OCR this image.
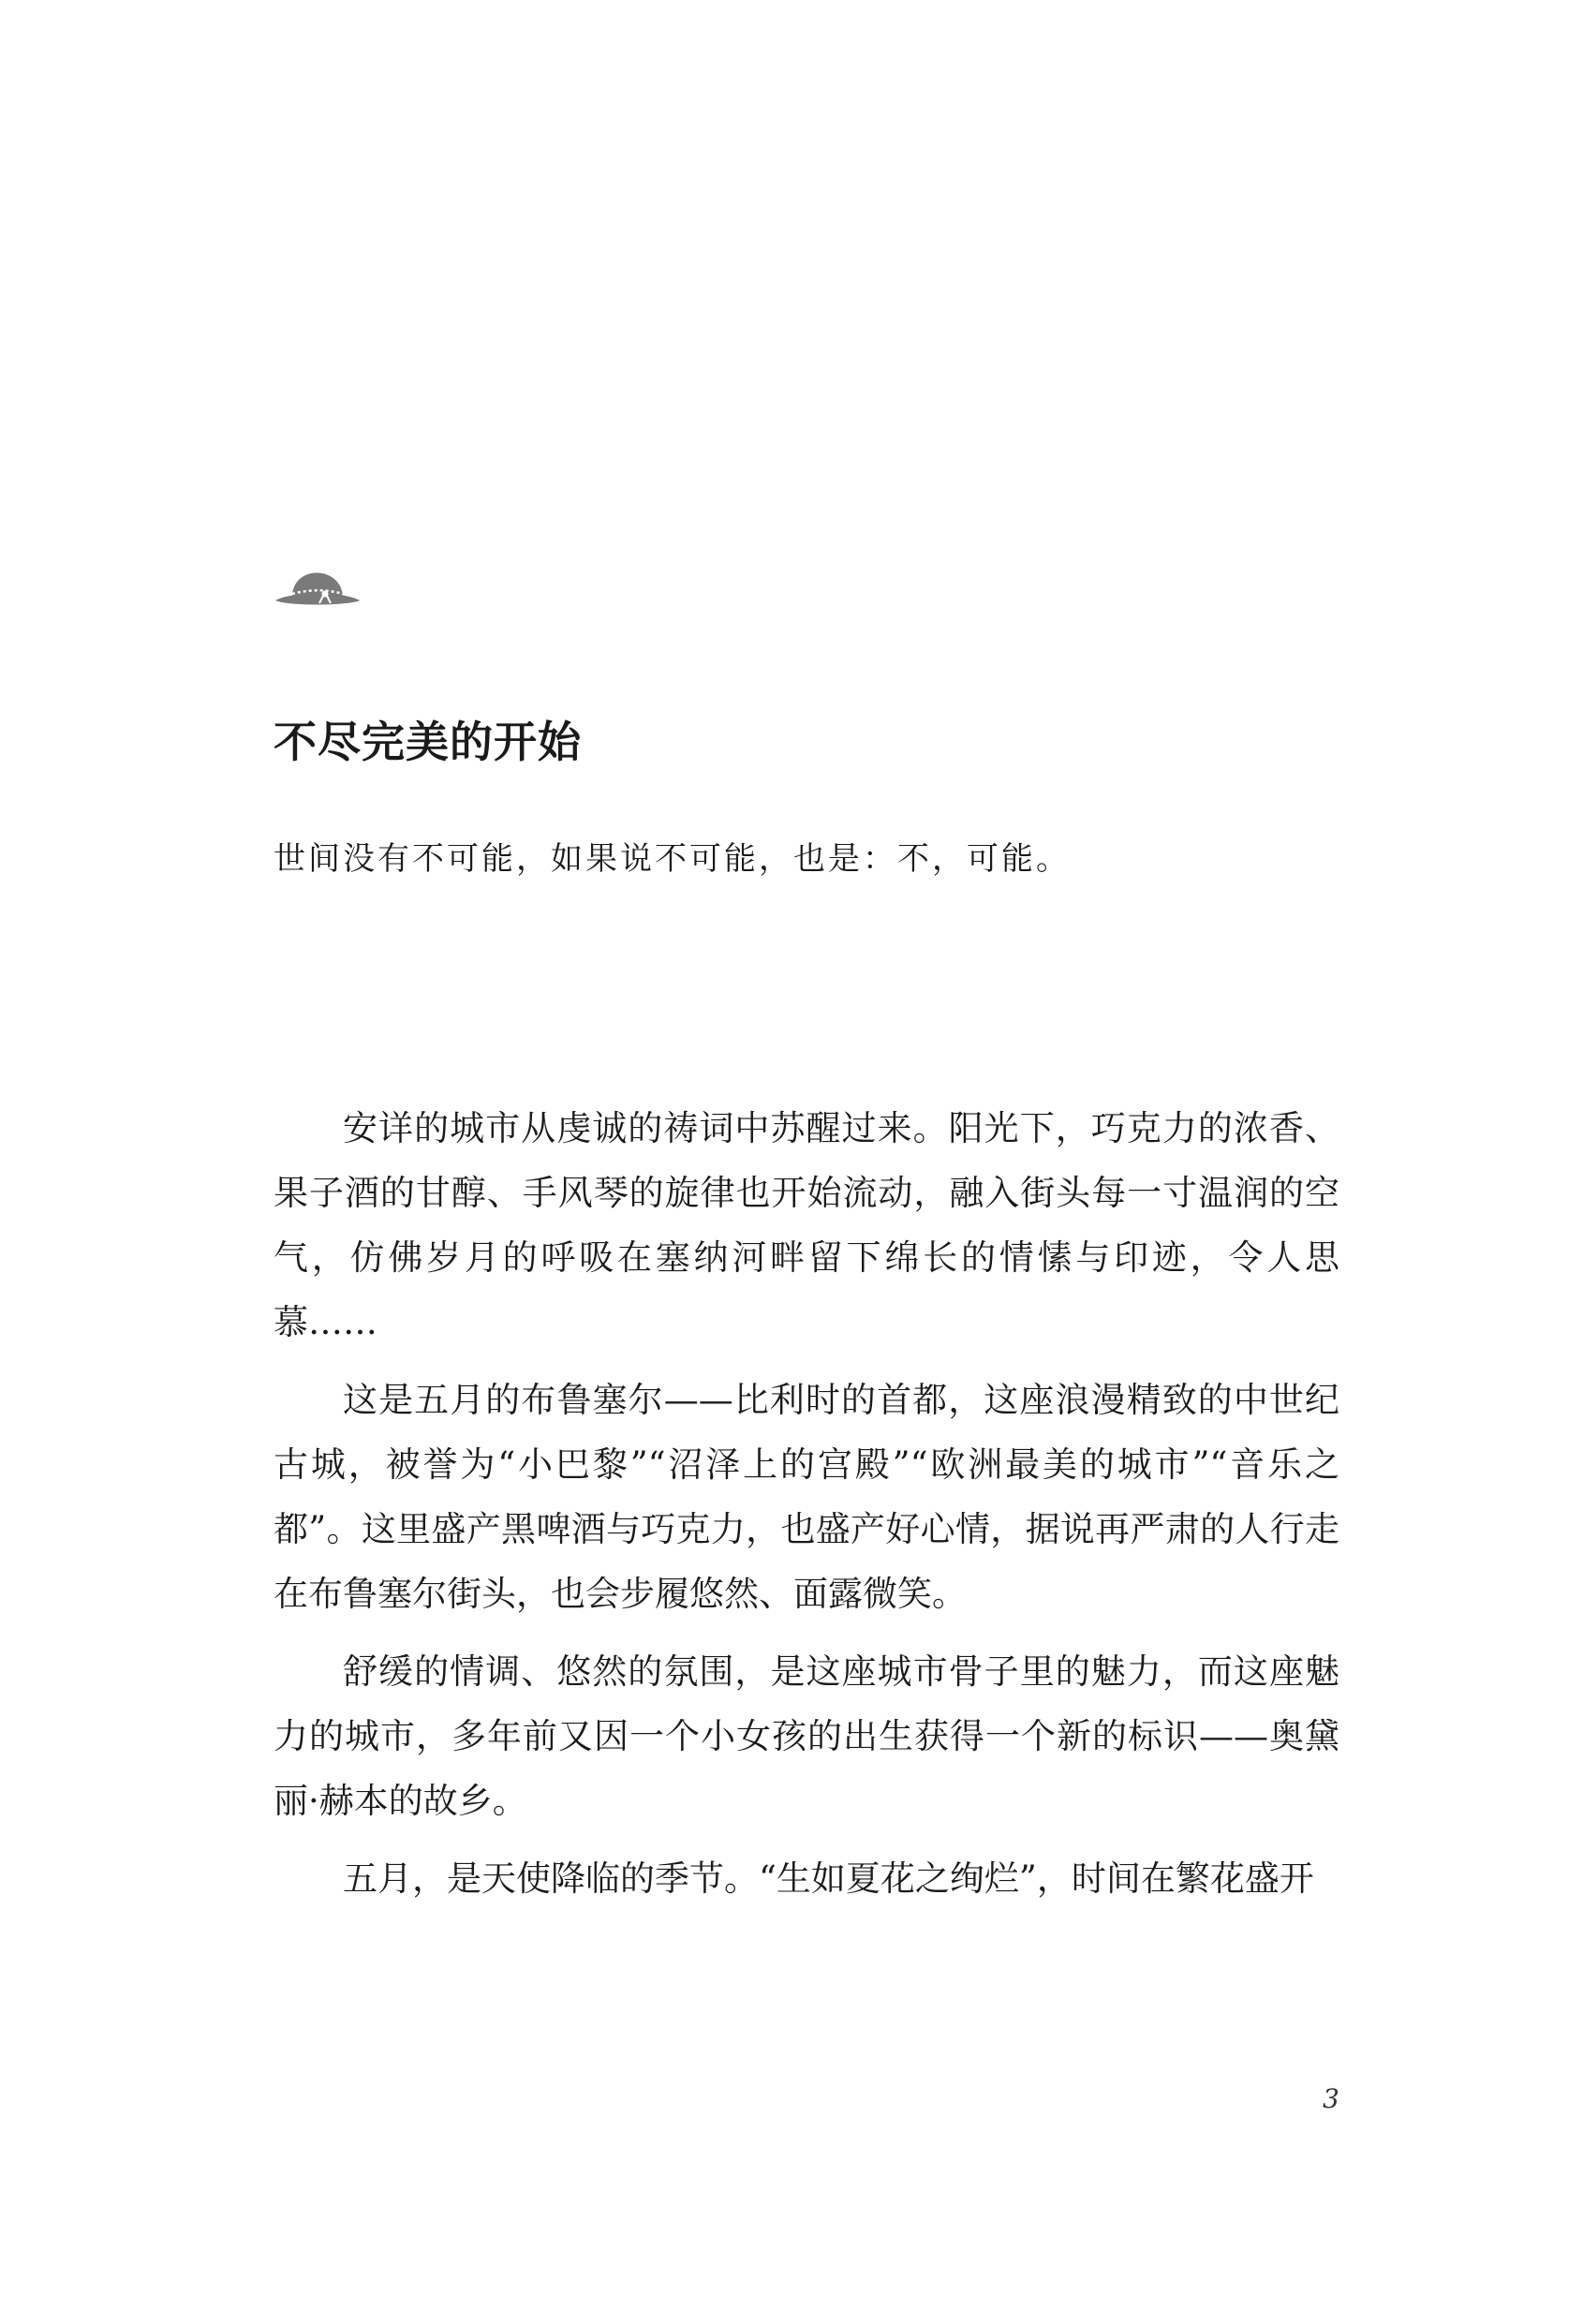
不尽完美的开始

世间没有不可能，如果说不可能，也是：不，可能。

安详的城市从虔诚的祷词中苏醒过来。阳光下，巧克力的浓香、果子酒的甘醇、手风琴的旋律也开始流动，融入街头每一寸温润的空气，仿佛岁月的呼吸在塞纳河畔留下绵长的情愫与印迹，令人思慕……

这是五月的布鲁塞尔——比利时的首都，这座浪漫精致的中世纪古城，被誉为“小巴黎”“沼泽上的宫殿”“欧洲最美的城市”“音乐之都”。这里盛产黑啤酒与巧克力，也盛产好心情，据说再严肃的人行走在布鲁塞尔街头，也会步履悠然、面露微笑。

舒缓的情调、悠然的氛围，是这座城市骨子里的魅力，而这座魅力的城市，多年前又因一个小女孩的出生获得一个新的标识——奥黛丽·赫本的故乡。

五月，是天使降临的季节。“生如夏花之绚烂”，时间在繁花盛开

3
